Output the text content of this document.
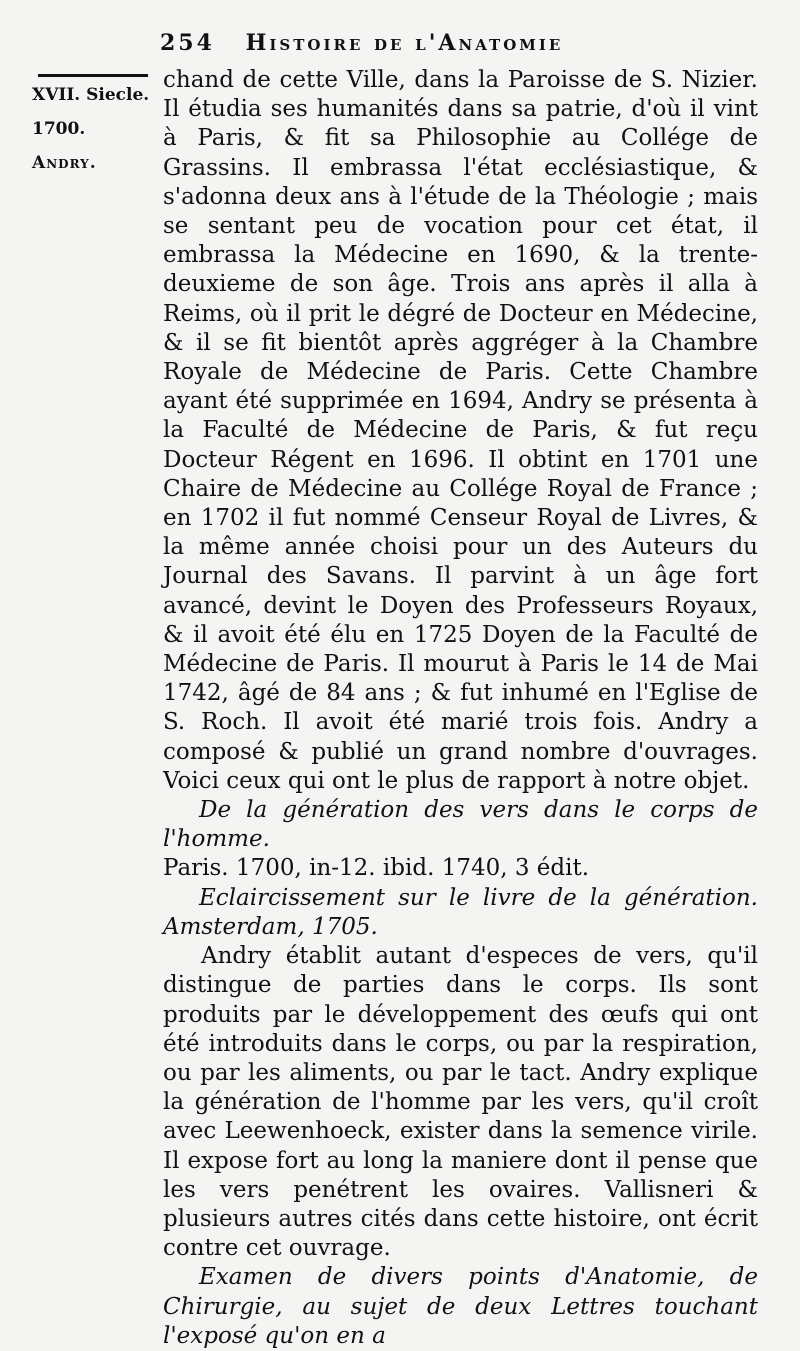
254 Histoire de l'Anatomie
XVII. Siecle.
1700.
Andry.

chand de cette Ville, dans la Paroisse de S. Nizier. Il étudia ses humanités dans sa patrie, d'où il vint à Paris, & fit sa Philosophie au Collége de Grassins. Il embrassa l'état ecclésiastique, & s'adonna deux ans à l'étude de la Théologie ; mais se sentant peu de vocation pour cet état, il embrassa la Médecine en 1690, & la trente-deuxieme de son âge. Trois ans après il alla à Reims, où il prit le dégré de Docteur en Médecine, & il se fit bientôt après aggréger à la Chambre Royale de Médecine de Paris. Cette Chambre ayant été supprimée en 1694, Andry se présenta à la Faculté de Médecine de Paris, & fut reçu Docteur Régent en 1696. Il obtint en 1701 une Chaire de Médecine au Collége Royal de France ; en 1702 il fut nommé Censeur Royal de Livres, & la même année choisi pour un des Auteurs du Journal des Savans. Il parvint à un âge fort avancé, devint le Doyen des Professeurs Royaux, & il avoit été élu en 1725 Doyen de la Faculté de Médecine de Paris. Il mourut à Paris le 14 de Mai 1742, âgé de 84 ans ; & fut inhumé en l'Eglise de S. Roch. Il avoit été marié trois fois. Andry a composé & publié un grand nombre d'ouvrages. Voici ceux qui ont le plus de rapport à notre objet.

De la génération des vers dans le corps de l'homme.

Paris. 1700, in-12. ibid. 1740, 3 édit.

Eclaircissement sur le livre de la génération. Amsterdam, 1705.

Andry établit autant d'especes de vers, qu'il distingue de parties dans le corps. Ils sont produits par le développement des œufs qui ont été introduits dans le corps, ou par la respiration, ou par les aliments, ou par le tact. Andry explique la génération de l'homme par les vers, qu'il croît avec Leewenhoeck, exister dans la semence virile. Il expose fort au long la maniere dont il pense que les vers penétrent les ovaires. Vallisneri & plusieurs autres cités dans cette histoire, ont écrit contre cet ouvrage.

Examen de divers points d'Anatomie, de Chirurgie, au sujet de deux Lettres touchant l'exposé qu'on en a
